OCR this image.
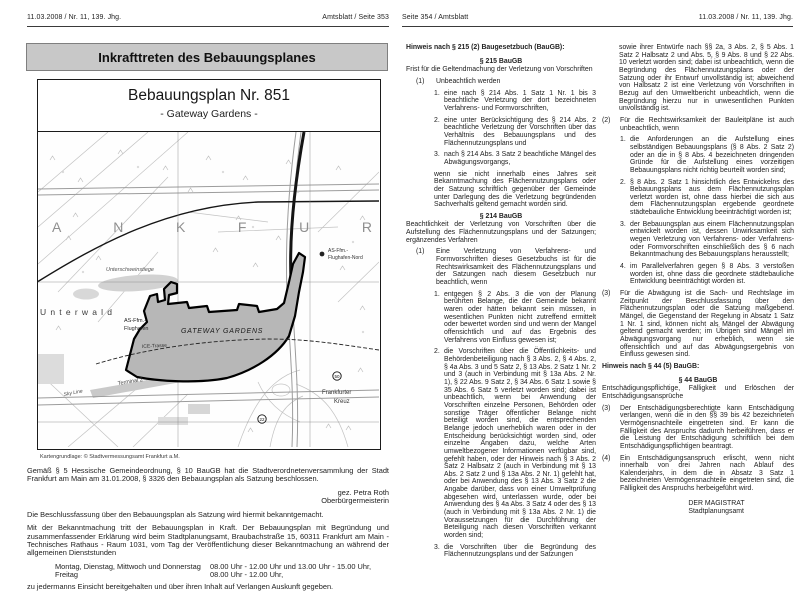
11.03.2008 / Nr. 11, 139. Jhg.	Amtsblatt / Seite 353
Inkrafttreten des Bebauungsplanes
Bebauungsplan Nr. 851
- Gateway Gardens -
A N K F U R
Unterwald
Unterschweinstiege
AS-Ffm.-
Flughafen-Nord
AS-Ffm.-
Flughafen	GATEWAY GARDENS
ICE-Trasse
Terminal 2
Sky Line	Frankfurter
Kreuz
50
22
Kartengrundlage: © Stadtvermessungsamt Frankfurt a.M.

Gemäß § 5 Hessische Gemeindeordnung, § 10 BauGB hat die Stadtverordnetenversammlung der Stadt Frankfurt am Main am 31.01.2008, § 3326 den Bebauungsplan als Satzung beschlossen.

gez. Petra Roth
Oberbürgermeisterin

Die Beschlussfassung über den Bebauungsplan als Satzung wird hiermit bekanntgemacht.

Mit der Bekanntmachung tritt der Bebauungsplan in Kraft. Der Bebauungsplan mit Begründung und zusammenfassender Erklärung wird beim Stadtplanungsamt, Braubachstraße 15, 60311 Frankfurt am Main - Technisches Rathaus - Raum 1031, vom Tag der Veröffentlichung dieser Bekanntmachung an während der allgemeinen Dienststunden

Montag, Dienstag, Mittwoch und Donnerstag	08.00 Uhr - 12.00 Uhr und 13.00 Uhr - 15.00 Uhr,
Freitag	08.00 Uhr - 12.00 Uhr,

zu jedermanns Einsicht bereitgehalten und über ihren Inhalt auf Verlangen Auskunft gegeben.

Seite 354 / Amtsblatt	11.03.2008 / Nr. 11, 139. Jhg.
Hinweis nach § 215 (2) Baugesetzbuch (BauGB):
§ 215 BauGB
Frist für die Geltendmachung der Verletzung von Vorschriften
(1)	Unbeachtlich werden
1. eine nach § 214 Abs. 1 Satz 1 Nr. 1 bis 3 beachtliche Verletzung der dort bezeichneten Verfahrens- und Formvorschriften,
2. eine unter Berücksichtigung des § 214 Abs. 2 beachtliche Verletzung der Vorschriften über das Verhältnis des Bebauungsplans und des Flächennutzungsplans und
3. nach § 214 Abs. 3 Satz 2 beachtliche Mängel des Abwägungsvorgangs,
wenn sie nicht innerhalb eines Jahres seit Bekanntmachung des Flächennutzungsplans oder der Satzung schriftlich gegenüber der Gemeinde unter Darlegung des die Verletzung begründenden Sachverhalts geltend gemacht worden sind.
§ 214 BauGB
Beachtlichkeit der Verletzung von Vorschriften über die Aufstellung des Flächennutzungsplans und der Satzungen; ergänzendes Verfahren
(1)	Eine Verletzung von Verfahrens- und Formvorschriften dieses Gesetzbuchs ist für die Rechtswirksamkeit des Flächennutzungsplans und der Satzungen nach diesem Gesetzbuch nur beachtlich, wenn
1. entgegen § 2 Abs. 3 die von der Planung berührten Belange, die der Gemeinde bekannt waren oder hätten bekannt sein müssen, in wesentlichen Punkten nicht zutreffend ermittelt oder bewertet worden sind und wenn der Mangel offensichtlich und auf das Ergebnis des Verfahrens von Einfluss gewesen ist;
2. die Vorschriften über die Öffentlichkeits- und Behördenbeteiligung nach § 3 Abs. 2, § 4 Abs. 2, § 4a Abs. 3 und 5 Satz 2, § 13 Abs. 2 Satz 1 Nr. 2 und 3 (auch in Verbindung mit § 13a Abs. 2 Nr. 1), § 22 Abs. 9 Satz 2, § 34 Abs. 6 Satz 1 sowie § 35 Abs. 6 Satz 5 verletzt worden sind; dabei ist unbeachtlich, wenn bei Anwendung der Vorschriften einzelne Personen, Behörden oder sonstige Träger öffentlicher Belange nicht beteiligt worden sind, die entsprechenden Belange jedoch unerheblich waren oder in der Entscheidung berücksichtigt worden sind, oder einzelne Angaben dazu, welche Arten umweltbezogener Informationen verfügbar sind, gefehlt haben, oder der Hinweis nach § 3 Abs. 2 Satz 2 Halbsatz 2 (auch in Verbindung mit § 13 Abs. 2 Satz 2 und § 13a Abs. 2 Nr. 1) gefehlt hat, oder bei Anwendung des § 13 Abs. 3 Satz 2 die Angabe darüber, dass von einer Umweltprüfung abgesehen wird, unterlassen wurde, oder bei Anwendung des § 4a Abs. 3 Satz 4 oder des § 13 (auch in Verbindung mit § 13a Abs. 2 Nr. 1) die Voraussetzungen für die Durchführung der Beteiligung nach diesen Vorschriften verkannt worden sind;
3. die Vorschriften über die Begründung des Flächennutzungsplans und der Satzungen
sowie ihrer Entwürfe nach §§ 2a, 3 Abs. 2, § 5 Abs. 1 Satz 2 Halbsatz 2 und Abs. 5, § 9 Abs. 8 und § 22 Abs. 10 verletzt worden sind; dabei ist unbeachtlich, wenn die Begründung des Flächennutzungsplans oder der Satzung oder ihr Entwurf unvollständig ist; abweichend von Halbsatz 2 ist eine Verletzung von Vorschriften in Bezug auf den Umweltbericht unbeachtlich, wenn die Begründung hierzu nur in unwesentlichen Punkten unvollständig ist.
(2)	Für die Rechtswirksamkeit der Bauleitpläne ist auch unbeachtlich, wenn
1. die Anforderungen an die Aufstellung eines selbständigen Bebauungsplans (§ 8 Abs. 2 Satz 2) oder an die in § 8 Abs. 4 bezeichneten dringenden Gründe für die Aufstellung eines vorzeitigen Bebauungsplans nicht richtig beurteilt worden sind;
2. § 8 Abs. 2 Satz 1 hinsichtlich des Entwickelns des Bebauungsplans aus dem Flächennutzungsplan verletzt worden ist, ohne dass hierbei die sich aus dem Flächennutzungsplan ergebende geordnete städtebauliche Entwicklung beeinträchtigt worden ist;
3. der Bebauungsplan aus einem Flächennutzungsplan entwickelt worden ist, dessen Unwirksamkeit sich wegen Verletzung von Verfahrens- oder Verfahrens- oder Formvorschriften einschließlich des § 6 nach Bekanntmachung des Bebauungsplans herausstellt;
4. im Parallelverfahren gegen § 8 Abs. 3 verstoßen worden ist, ohne dass die geordnete städtebauliche Entwicklung beeinträchtigt worden ist.
(3)	Für die Abwägung ist die Sach- und Rechtslage im Zeitpunkt der Beschlussfassung über den Flächennutzungsplan oder die Satzung maßgebend. Mängel, die Gegenstand der Regelung in Absatz 1 Satz 1 Nr. 1 sind, können nicht als Mängel der Abwägung geltend gemacht werden; im Übrigen sind Mängel im Abwägungsvorgang nur erheblich, wenn sie offensichtlich und auf das Abwägungsergebnis von Einfluss gewesen sind.
Hinweis nach § 44 (5) BauGB:
§ 44 BauGB
Entschädigungspflichtige, Fälligkeit und Erlöschen der Entschädigungsansprüche
(3)	Der Entschädigungsberechtigte kann Entschädigung verlangen, wenn die in den §§ 39 bis 42 bezeichneten Vermögensnachteile eingetreten sind. Er kann die Fälligkeit des Anspruchs dadurch herbeiführen, dass er die Leistung der Entschädigung schriftlich bei dem Entschädigungspflichtigen beantragt.
(4)	Ein Entschädigungsanspruch erlischt, wenn nicht innerhalb von drei Jahren nach Ablauf des Kalenderjahrs, in dem die in Absatz 3 Satz 1 bezeichneten Vermögensnachteile eingetreten sind, die Fälligkeit des Anspruchs herbeigeführt wird.
DER MAGISTRAT
Stadtplanungsamt
